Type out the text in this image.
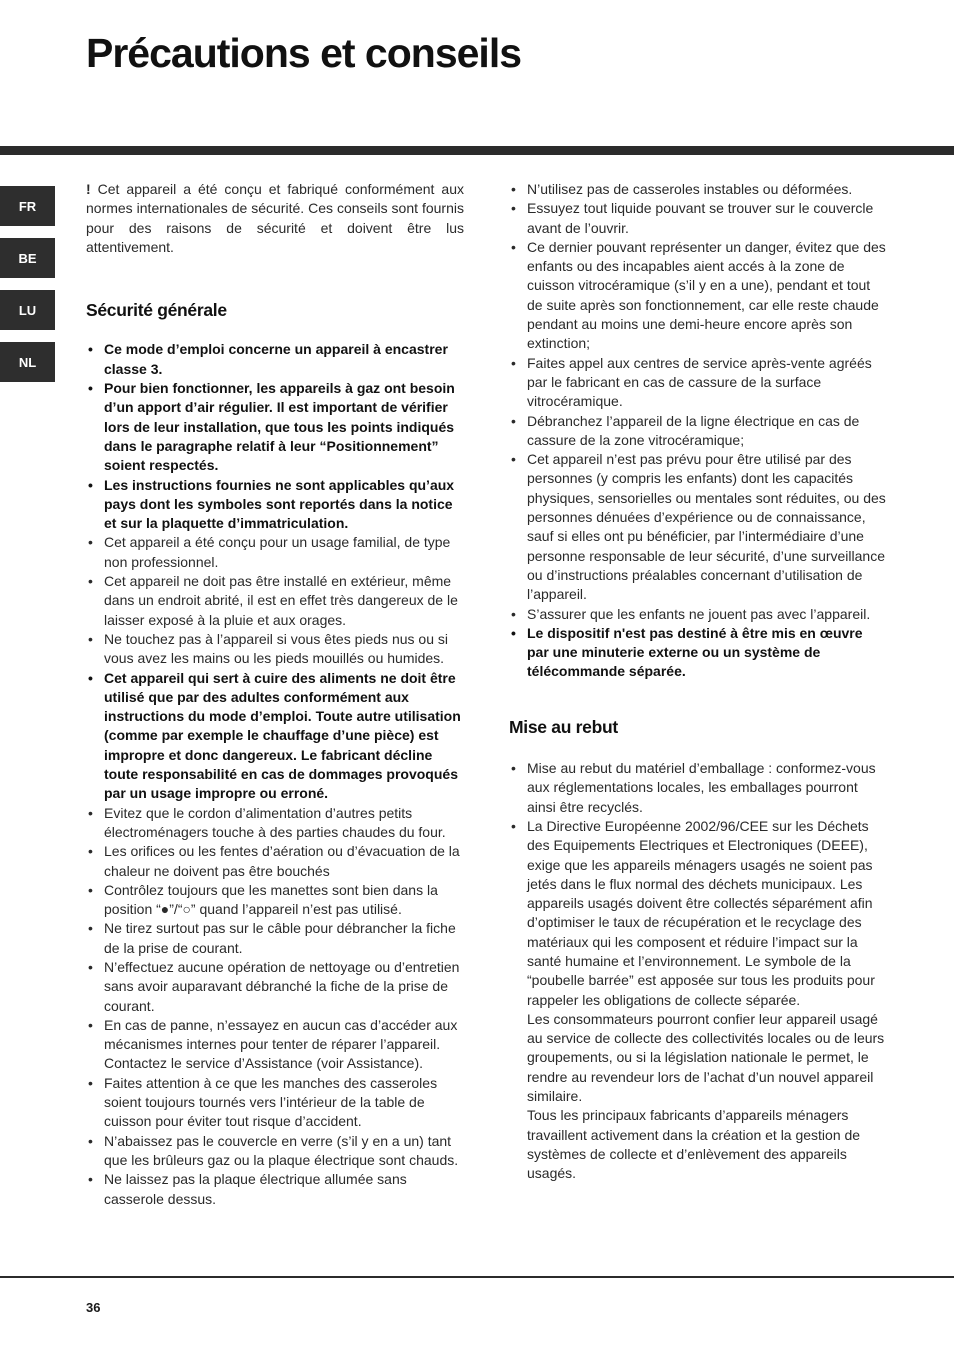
Précautions et conseils
FR
BE
LU
NL

! Cet appareil a été conçu et fabriqué conformément aux normes internationales de sécurité. Ces conseils sont fournis pour des raisons de sécurité et doivent être lus attentivement.

Sécurité générale
• Ce mode d’emploi concerne un appareil à encastrer classe 3.
• Pour bien fonctionner, les appareils à gaz ont besoin d’un apport d’air régulier. Il est important de vérifier lors de leur installation, que tous les points indiqués dans le paragraphe relatif à leur “Positionnement” soient respectés.
• Les instructions fournies ne sont applicables qu’aux pays dont les symboles sont reportés dans la notice et sur la plaquette d’immatriculation.
• Cet appareil a été conçu pour un usage familial, de type non professionnel.
• Cet appareil ne doit pas être installé en extérieur, même dans un endroit abrité, il est en effet très dangereux de le laisser exposé à la pluie et aux orages.
• Ne touchez pas à l’appareil si vous êtes pieds nus ou si vous avez les mains ou les pieds mouillés ou humides.
• Cet appareil qui sert à cuire des aliments ne doit être utilisé que par des adultes conformément aux instructions du mode d’emploi. Toute autre utilisation (comme par exemple le chauffage d’une pièce) est impropre et donc dangereux. Le fabricant décline toute responsabilité en cas de dommages provoqués par un usage impropre ou erroné.
• Evitez que le cordon d’alimentation d’autres petits électroménagers touche à des parties chaudes du four.
• Les orifices ou les fentes d’aération ou d’évacuation de la chaleur ne doivent pas être bouchés
• Contrôlez toujours que les manettes sont bien dans la position “●”/“○” quand l’appareil n’est pas utilisé.
• Ne tirez surtout pas sur le câble pour débrancher la fiche de la prise de courant.
• N’effectuez aucune opération de nettoyage ou d’entretien sans avoir auparavant débranché la fiche de la prise de courant.
• En cas de panne, n’essayez en aucun cas d’accéder aux mécanismes internes pour tenter de réparer l’appareil. Contactez le service d’Assistance (voir Assistance).
• Faites attention à ce que les manches des casseroles soient toujours tournés vers l’intérieur de la table de cuisson pour éviter tout risque d’accident.
• N’abaissez pas le couvercle en verre (s’il y en a un) tant que les brûleurs gaz ou la plaque électrique sont chauds.
• Ne laissez pas la plaque électrique allumée sans casserole dessus.
• N’utilisez pas de casseroles instables ou déformées.
• Essuyez tout liquide pouvant se trouver sur le couvercle avant de l’ouvrir.
• Ce dernier pouvant représenter un danger, évitez que des enfants ou des incapables aient accés à la zone de cuisson vitrocéramique (s’il y en a une), pendant et tout de suite après son fonctionnement, car elle reste chaude pendant au moins une demi-heure encore après son extinction;
• Faites appel aux centres de service après-vente agréés par le fabricant en cas de cassure de la surface vitrocéramique.
• Débranchez l’appareil de la ligne électrique en cas de cassure de la zone vitrocéramique;
• Cet appareil n’est pas prévu pour être utilisé par des personnes (y compris les enfants) dont les capacités physiques, sensorielles ou mentales sont réduites, ou des personnes dénuées d’expérience ou de connaissance, sauf si elles ont pu bénéficier, par l’intermédiaire d’une personne responsable de leur sécurité, d’une surveillance ou d’instructions préalables concernant d’utilisation de l’appareil.
• S’assurer que les enfants ne jouent pas avec l’appareil.
• Le dispositif n'est pas destiné à être mis en œuvre par une minuterie externe ou un système de télécommande séparée.
Mise au rebut
• Mise au rebut du matériel d’emballage : conformez-vous aux réglementations locales, les emballages pourront ainsi être recyclés.
• La Directive Européenne 2002/96/CEE sur les Déchets des Equipements Electriques et Electroniques (DEEE), exige que les appareils ménagers usagés ne soient pas jetés dans le flux normal des déchets municipaux. Les appareils usagés doivent être collectés séparément afin d’optimiser le taux de récupération et le recyclage des matériaux qui les composent et réduire l’impact sur la santé humaine et l’environnement. Le symbole de la “poubelle barrée” est apposée sur tous les produits pour rappeler les obligations de collecte séparée.
Les consommateurs pourront confier leur appareil usagé au service de collecte des collectivités locales ou de leurs groupements, ou si la législation nationale le permet, le rendre au revendeur lors de l’achat d’un nouvel appareil similaire.
Tous les principaux fabricants d’appareils ménagers travaillent activement dans la création et la gestion de systèmes de collecte et d’enlèvement des appareils usagés.
36
